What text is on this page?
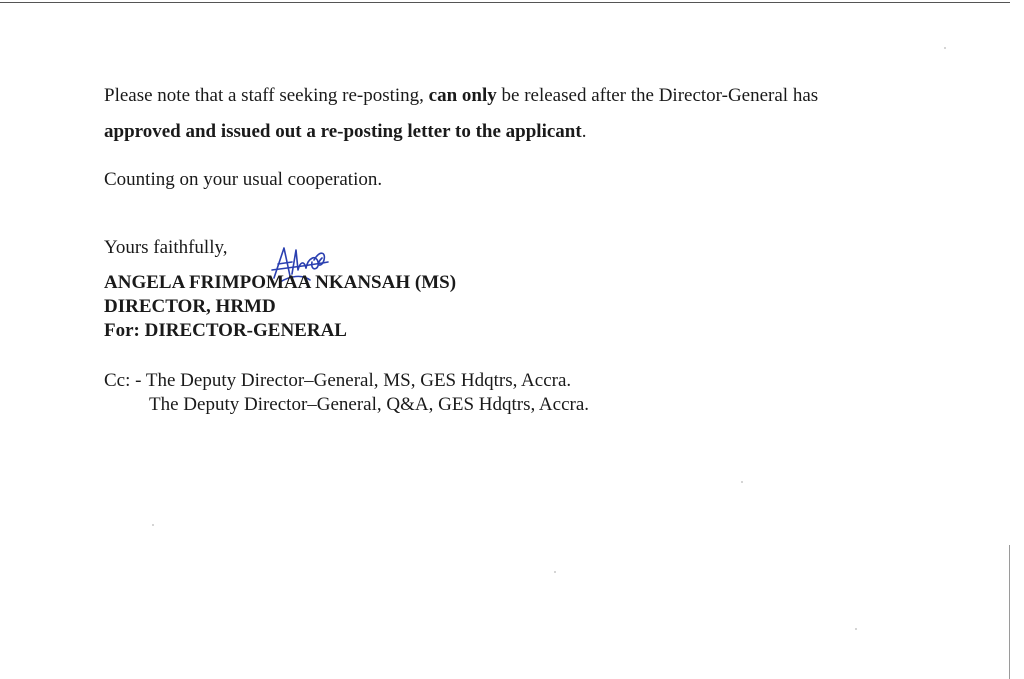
Please note that a staff seeking re-posting, can only be released after the Director-General has
approved and issued out a re-posting letter to the applicant.

Counting on your usual cooperation.

Yours faithfully,
ANGELA FRIMPOMAA NKANSAH (MS)
DIRECTOR, HRMD
For: DIRECTOR-GENERAL
Cc: - The Deputy Director–General, MS, GES Hdqtrs, Accra.
The Deputy Director–General, Q&A, GES Hdqtrs, Accra.
